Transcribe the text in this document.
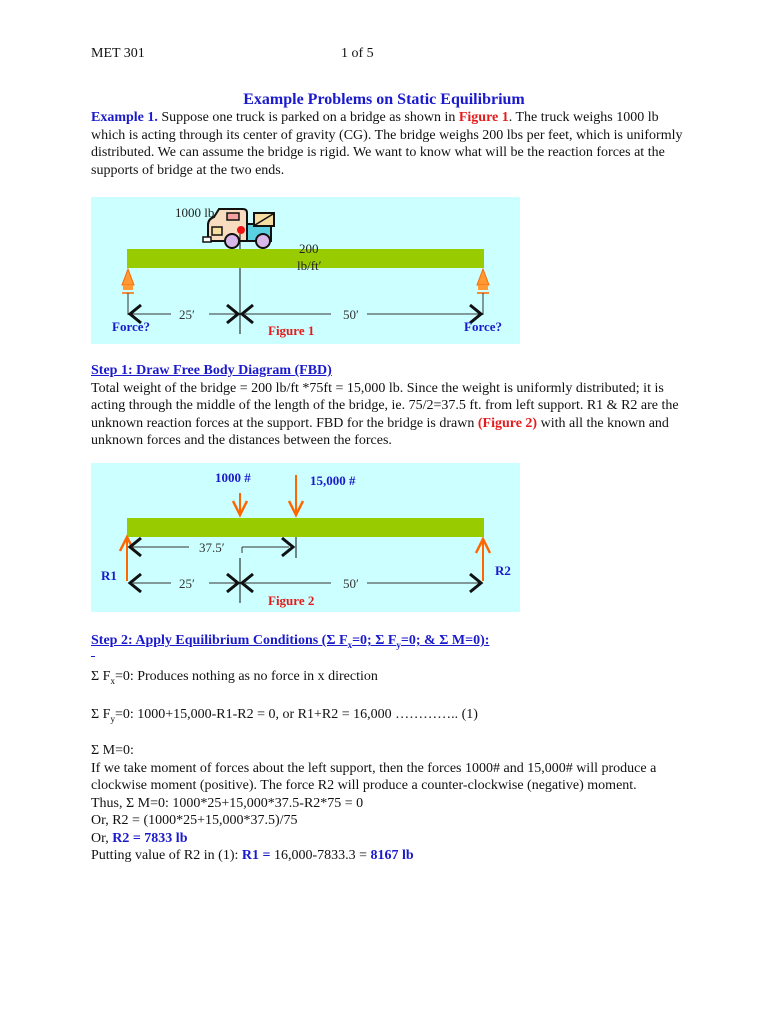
MET 301	1 of 5
Example Problems on Static Equilibrium
Example 1. Suppose one truck is parked on a bridge as shown in Figure 1. The truck weighs 1000 lb which is acting through its center of gravity (CG). The bridge weighs 200 lbs per feet, which is uniformly distributed. We can assume the bridge is rigid. We want to know what will be the reaction forces at the supports of bridge at the two ends.
1000 lb
200
lb/ft′
25′	50′
Force?	Force?
Figure 1
Step 1: Draw Free Body Diagram (FBD)
Total weight of the bridge = 200 lb/ft *75ft = 15,000 lb. Since the weight is uniformly distributed; it is acting through the middle of the length of the bridge, ie. 75/2=37.5 ft. from left support. R1 & R2 are the unknown reaction forces at the support. FBD for the bridge is drawn (Figure 2) with all the known and unknown forces and the distances between the forces.
1000 #	15,000 #
37.5′
25′	50′
R1	R2
Figure 2
Step 2: Apply Equilibrium Conditions (Σ $F_x=0$; Σ $F_y=0$; & Σ M=0):
Σ $F_x=0$: Produces nothing as no force in x direction
Σ $F_y=0$: 1000+15,000-R1-R2 = 0, or R1+R2 = 16,000 ………….. (1)
Σ M=0:
If we take moment of forces about the left support, then the forces 1000# and 15,000# will produce a clockwise moment (positive). The force R2 will produce a counter-clockwise (negative) moment.
Thus, Σ M=0: 1000*25+15,000*37.5-R2*75 = 0
Or, R2 = (1000*25+15,000*37.5)/75
Or, R2 = 7833 lb
Putting value of R2 in (1): R1 = 16,000-7833.3 = 8167 lb
